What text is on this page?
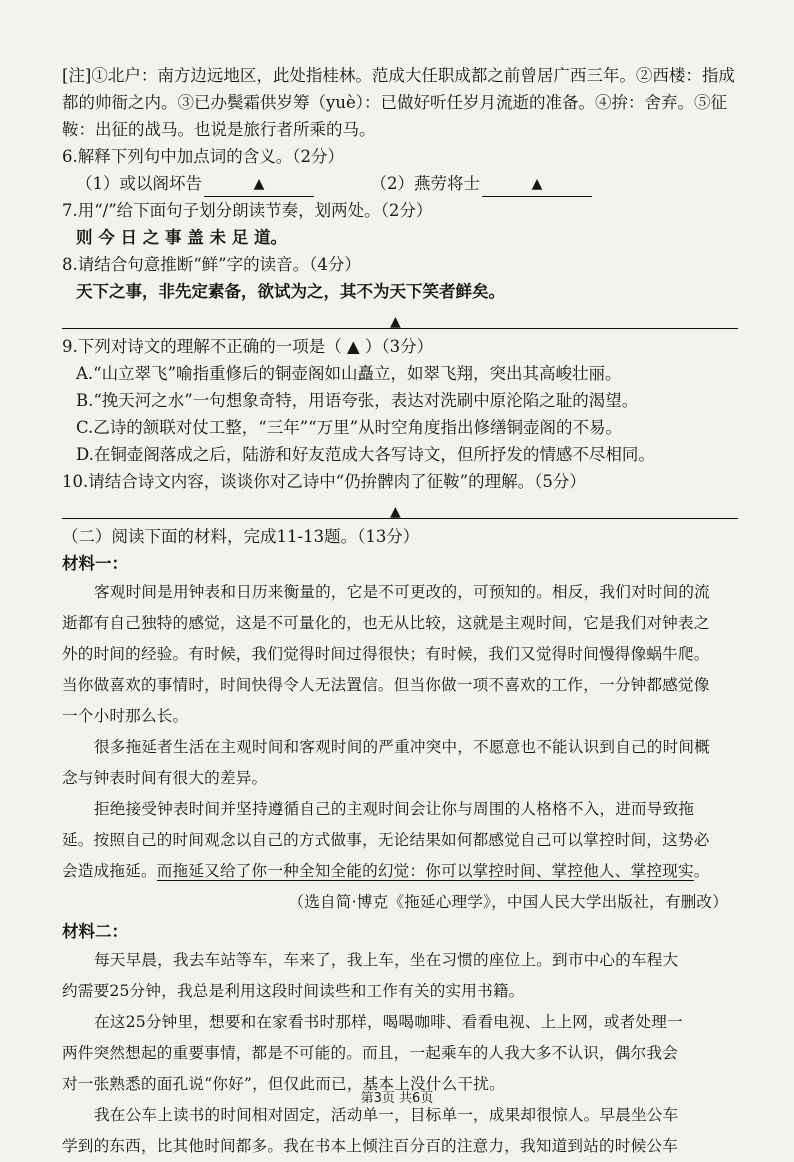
[注]①北户：南方边远地区，此处指桂林。范成大任职成都之前曾居广西三年。②西楼：指成
都的帅衙之内。③已办鬓霜供岁筹（yuè）：已做好听任岁月流逝的准备。④拚：舍弃。⑤征
鞍：出征的战马。也说是旅行者所乘的马。
6.解释下列句中加点词的含义。（2分）
（1）或以阁坏告	▲	（2）燕劳将士	▲
7.用“/”给下面句子划分朗读节奏，划两处。（2分）
则 今 日 之 事 盖 未 足 道。
8.请结合句意推断“鲜”字的读音。（4分）
天下之事，非先定素备，欲试为之，其不为天下笑者鲜矣。
▲
9.下列对诗文的理解不正确的一项是（ ▲ ）（3分）
A.“山立翠飞”喻指重修后的铜壶阁如山矗立，如翠飞翔，突出其高峻壮丽。
B.“挽天河之水”一句想象奇特，用语夸张，表达对洗刷中原沦陷之耻的渴望。
C.乙诗的颔联对仗工整，“三年”“万里”从时空角度指出修缮铜壶阁的不易。
D.在铜壶阁落成之后，陆游和好友范成大各写诗文，但所抒发的情感不尽相同。
10.请结合诗文内容，谈谈你对乙诗中“仍拚髀肉了征鞍”的理解。（5分）
▲
（二）阅读下面的材料，完成11-13题。（13分）
材料一：
客观时间是用钟表和日历来衡量的，它是不可更改的，可预知的。相反，我们对时间的流
逝都有自己独特的感觉，这是不可量化的，也无从比较，这就是主观时间，它是我们对钟表之
外的时间的经验。有时候，我们觉得时间过得很快；有时候，我们又觉得时间慢得像蜗牛爬。
当你做喜欢的事情时，时间快得令人无法置信。但当你做一项不喜欢的工作，一分钟都感觉像
一个小时那么长。
很多拖延者生活在主观时间和客观时间的严重冲突中，不愿意也不能认识到自己的时间概
念与钟表时间有很大的差异。
拒绝接受钟表时间并坚持遵循自己的主观时间会让你与周围的人格格不入，进而导致拖
延。按照自己的时间观念以自己的方式做事，无论结果如何都感觉自己可以掌控时间，这势必
会造成拖延。而拖延又给了你一种全知全能的幻觉：你可以掌控时间、掌控他人、掌控现实。
（选自简·博克《拖延心理学》，中国人民大学出版社，有删改）
材料二：
每天早晨，我去车站等车，车来了，我上车，坐在习惯的座位上。到市中心的车程大
约需要25分钟，我总是利用这段时间读些和工作有关的实用书籍。
在这25分钟里，想要和在家看书时那样，喝喝咖啡、看看电视、上上网，或者处理一
两件突然想起的重要事情，都是不可能的。而且，一起乘车的人我大多不认识，偶尔我会
对一张熟悉的面孔说“你好”，但仅此而已，基本上没什么干扰。
我在公车上读书的时间相对固定，活动单一，目标单一，成果却很惊人。早晨坐公车
学到的东西，比其他时间都多。我在书本上倾注百分百的注意力，我知道到站的时候公车
第3页 共6页
